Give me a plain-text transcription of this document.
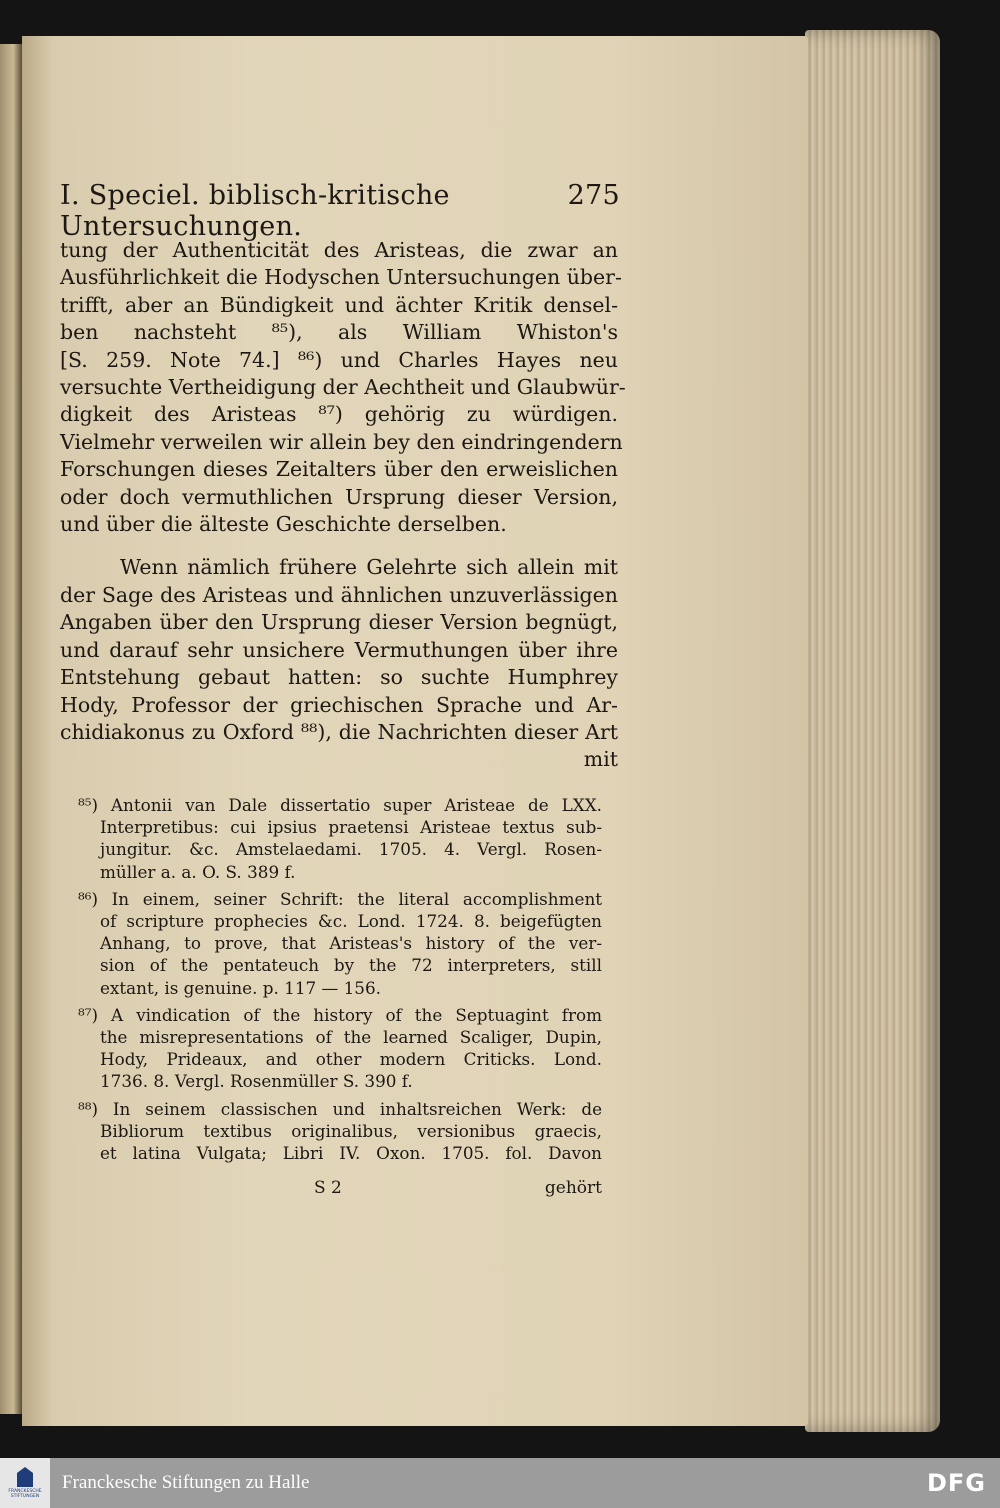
I. Speciel. biblisch-kritische Untersuchungen.
275
tung der Authenticität des Aristeas, die zwar an
Ausführlichkeit die Hodyschen Untersuchungen über-
trifft, aber an Bündigkeit und ächter Kritik densel-
ben nachsteht ⁸⁵), als William Whiston's
[S. 259. Note 74.] ⁸⁶) und Charles Hayes neu
versuchte Vertheidigung der Aechtheit und Glaubwür-
digkeit des Aristeas ⁸⁷) gehörig zu würdigen.
Vielmehr verweilen wir allein bey den eindringendern
Forschungen dieses Zeitalters über den erweislichen
oder doch vermuthlichen Ursprung dieser Version,
und über die älteste Geschichte derselben.
Wenn nämlich frühere Gelehrte sich allein mit
der Sage des Aristeas und ähnlichen unzuverlässigen
Angaben über den Ursprung dieser Version begnügt,
und darauf sehr unsichere Vermuthungen über ihre
Entstehung gebaut hatten: so suchte Humphrey
Hody, Professor der griechischen Sprache und Ar-
chidiakonus zu Oxford ⁸⁸), die Nachrichten dieser Art
mit
⁸⁵) Antonii van Dale dissertatio super Aristeae de LXX.
Interpretibus: cui ipsius praetensi Aristeae textus sub-
jungitur. &c. Amstelaedami. 1705. 4. Vergl. Rosen-
müller a. a. O. S. 389 f.
⁸⁶) In einem, seiner Schrift: the literal accomplishment
of scripture prophecies &c. Lond. 1724. 8. beigefügten
Anhang, to prove, that Aristeas's history of the ver-
sion of the pentateuch by the 72 interpreters, still
extant, is genuine. p. 117 — 156.
⁸⁷) A vindication of the history of the Septuagint from
the misrepresentations of the learned Scaliger, Dupin,
Hody, Prideaux, and other modern Criticks. Lond.
1736. 8. Vergl. Rosenmüller S. 390 f.
⁸⁸) In seinem classischen und inhaltsreichen Werk: de
Bibliorum textibus originalibus, versionibus graecis,
et latina Vulgata; Libri IV. Oxon. 1705. fol. Davon
S 2	gehört
FRANCKESCHE STIFTUNGEN
Franckesche Stiftungen zu Halle	DFG
